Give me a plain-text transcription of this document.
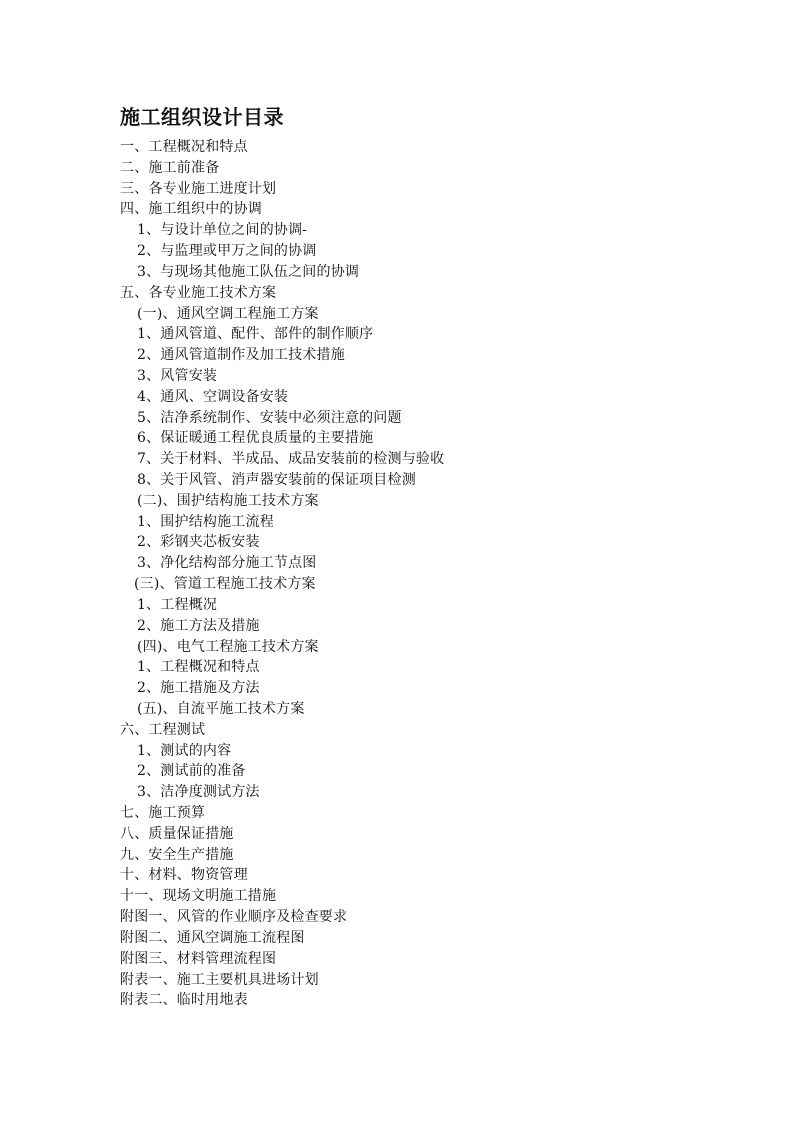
施工组织设计目录
一、工程概况和特点
二、施工前准备
三、各专业施工进度计划
四、施工组织中的协调
1、与设计单位之间的协调-
2、与监理或甲万之间的协调
3、与现场其他施工队伍之间的协调
五、各专业施工技术方案
(一)、通风空调工程施工方案
1、通风管道、配件、部件的制作顺序
2、通风管道制作及加工技术措施
3、风管安装
4、通风、空调设备安装
5、洁净系统制作、安装中必须注意的问题
6、保证暖通工程优良质量的主要措施
7、关于材料、半成品、成品安装前的检测与验收
8、关于风管、消声器安装前的保证项目检测
(二)、围护结构施工技术方案
1、围护结构施工流程
2、彩钢夹芯板安装
3、净化结构部分施工节点图
(三)、管道工程施工技术方案
1、工程概况
2、施工方法及措施
(四)、电气工程施工技术方案
1、工程概况和特点
2、施工措施及方法
(五)、自流平施工技术方案
六、工程测试
1、测试的内容
2、测试前的准备
3、洁净度测试方法
七、施工预算
八、质量保证措施
九、安全生产措施
十、材料、物资管理
十一、现场文明施工措施
附图一、风管的作业顺序及检查要求
附图二、通风空调施工流程图
附图三、材料管理流程图
附表一、施工主要机具进场计划
附表二、临时用地表
